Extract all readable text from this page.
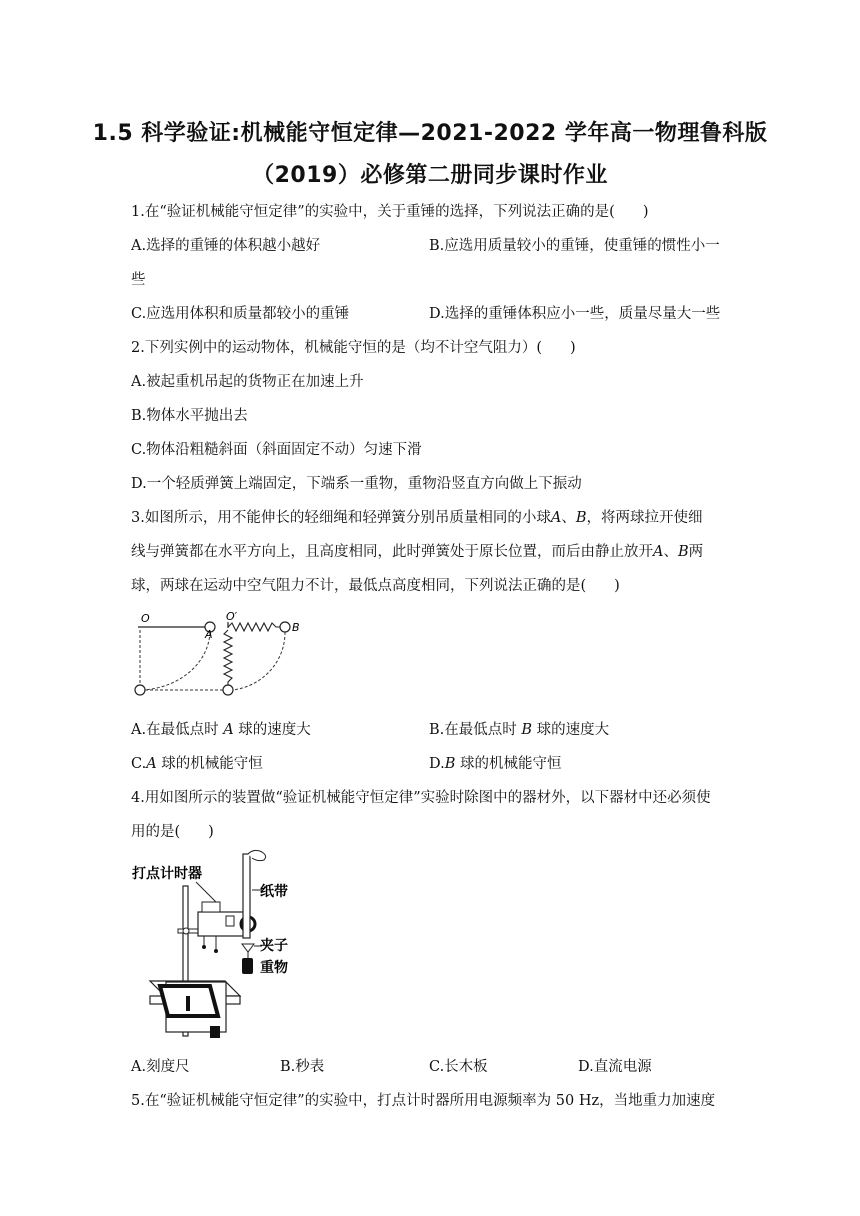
1.5 科学验证:机械能守恒定律—2021-2022 学年高一物理鲁科版
（2019）必修第二册同步课时作业
1.在“验证机械能守恒定律”的实验中，关于重锤的选择，下列说法正确的是( )
A.选择的重锤的体积越小越好	B.应选用质量较小的重锤，使重锤的惯性小一
些
C.应选用体积和质量都较小的重锤	D.选择的重锤体积应小一些，质量尽量大一些
2.下列实例中的运动物体，机械能守恒的是（均不计空气阻力）( )
A.被起重机吊起的货物正在加速上升
B.物体水平抛出去
C.物体沿粗糙斜面（斜面固定不动）匀速下滑
D.一个轻质弹簧上端固定，下端系一重物，重物沿竖直方向做上下振动
3.如图所示，用不能伸长的轻细绳和轻弹簧分别吊质量相同的小球A、B，将两球拉开使细
线与弹簧都在水平方向上，且高度相同，此时弹簧处于原长位置，而后由静止放开A、B两
球，两球在运动中空气阻力不计，最低点高度相同，下列说法正确的是( )
O
A
O′
B
A.在最低点时 A 球的速度大	B.在最低点时 B 球的速度大
C.A 球的机械能守恒	D.B 球的机械能守恒
4.用如图所示的装置做“验证机械能守恒定律”实验时除图中的器材外，以下器材中还必须使
用的是( )
打点计时器
纸带
夹子
重物
A.刻度尺	B.秒表	C.长木板	D.直流电源
5.在“验证机械能守恒定律”的实验中，打点计时器所用电源频率为 50 Hz，当地重力加速度
